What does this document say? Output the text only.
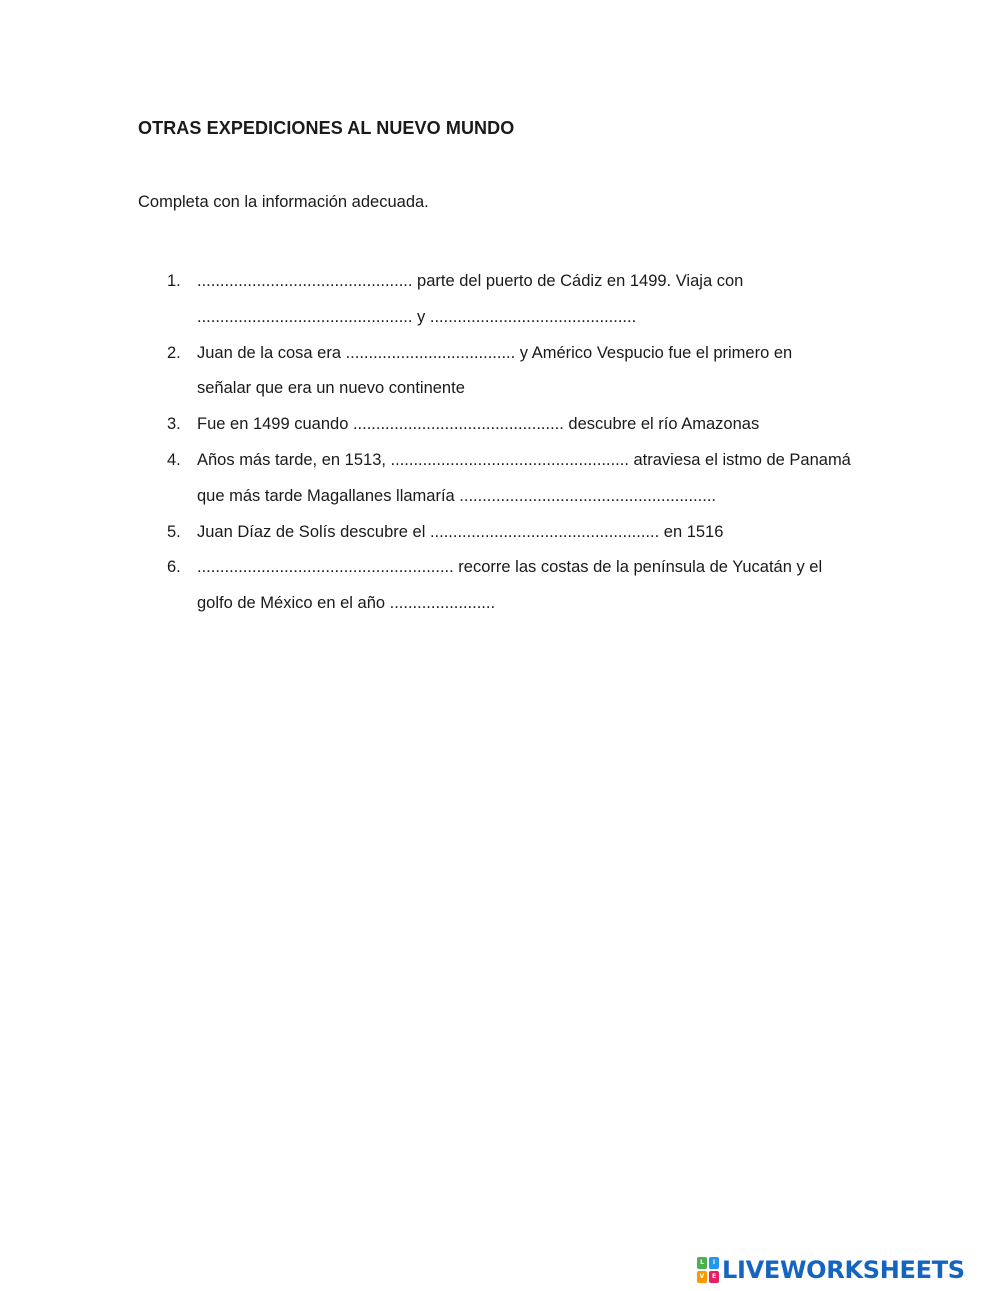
OTRAS EXPEDICIONES AL NUEVO MUNDO

Completa con la información adecuada.

1. ............................................... parte del puerto de Cádiz en 1499. Viaja con
............................................... y .............................................
2. Juan de la cosa era ..................................... y Américo Vespucio fue el primero en
señalar que era un nuevo continente
3. Fue en 1499 cuando .............................................. descubre el río Amazonas
4. Años más tarde, en 1513, .................................................... atraviesa el istmo de Panamá
que más tarde Magallanes llamaría ........................................................
5. Juan Díaz de Solís descubre el .................................................. en 1516
6. ........................................................ recorre las costas de la península de Yucatán y el
golfo de México en el año .......................
L	I
V	E LIVEWORKSHEETS
